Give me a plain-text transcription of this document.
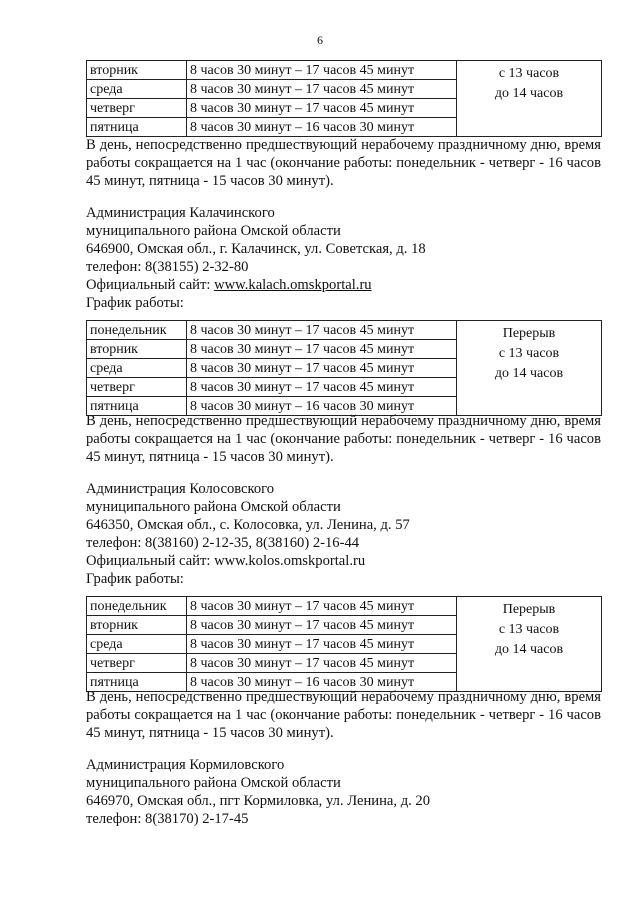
6
вторник	8 часов 30 минут – 17 часов 45 минут	с 13 часов
до 14 часов

среда	8 часов 30 минут – 17 часов 45 минут	
четверг	8 часов 30 минут – 17 часов 45 минут	
пятница	8 часов 30 минут – 16 часов 30 минут	
В день, непосредственно предшествующий нерабочему праздничному дню, время работы сокращается на 1 час (окончание работы: понедельник - четверг - 16 часов 45 минут, пятница - 15 часов 30 минут).
Администрация Калачинского
муниципального района Омской области
646900, Омская обл., г. Калачинск, ул. Советская, д. 18
телефон: 8(38155) 2-32-80
Официальный сайт: www.kalach.omskportal.ru
График работы:
понедельник	8 часов 30 минут – 17 часов 45 минут	Перерыв
с 13 часов
до 14 часов

вторник	8 часов 30 минут – 17 часов 45 минут	
среда	8 часов 30 минут – 17 часов 45 минут	
четверг	8 часов 30 минут – 17 часов 45 минут	
пятница	8 часов 30 минут – 16 часов 30 минут	
В день, непосредственно предшествующий нерабочему праздничному дню, время работы сокращается на 1 час (окончание работы: понедельник - четверг - 16 часов 45 минут, пятница - 15 часов 30 минут).
Администрация Колосовского
муниципального района Омской области
646350, Омская обл., с. Колосовка, ул. Ленина, д. 57
телефон: 8(38160) 2-12-35, 8(38160) 2-16-44
Официальный сайт: www.kolos.omskportal.ru
График работы:
понедельник	8 часов 30 минут – 17 часов 45 минут	Перерыв
с 13 часов
до 14 часов

вторник	8 часов 30 минут – 17 часов 45 минут	
среда	8 часов 30 минут – 17 часов 45 минут	
четверг	8 часов 30 минут – 17 часов 45 минут	
пятница	8 часов 30 минут – 16 часов 30 минут	
В день, непосредственно предшествующий нерабочему праздничному дню, время работы сокращается на 1 час (окончание работы: понедельник - четверг - 16 часов 45 минут, пятница - 15 часов 30 минут).
Администрация Кормиловского
муниципального района Омской области
646970, Омская обл., пгт Кормиловка, ул. Ленина, д. 20
телефон: 8(38170) 2-17-45
